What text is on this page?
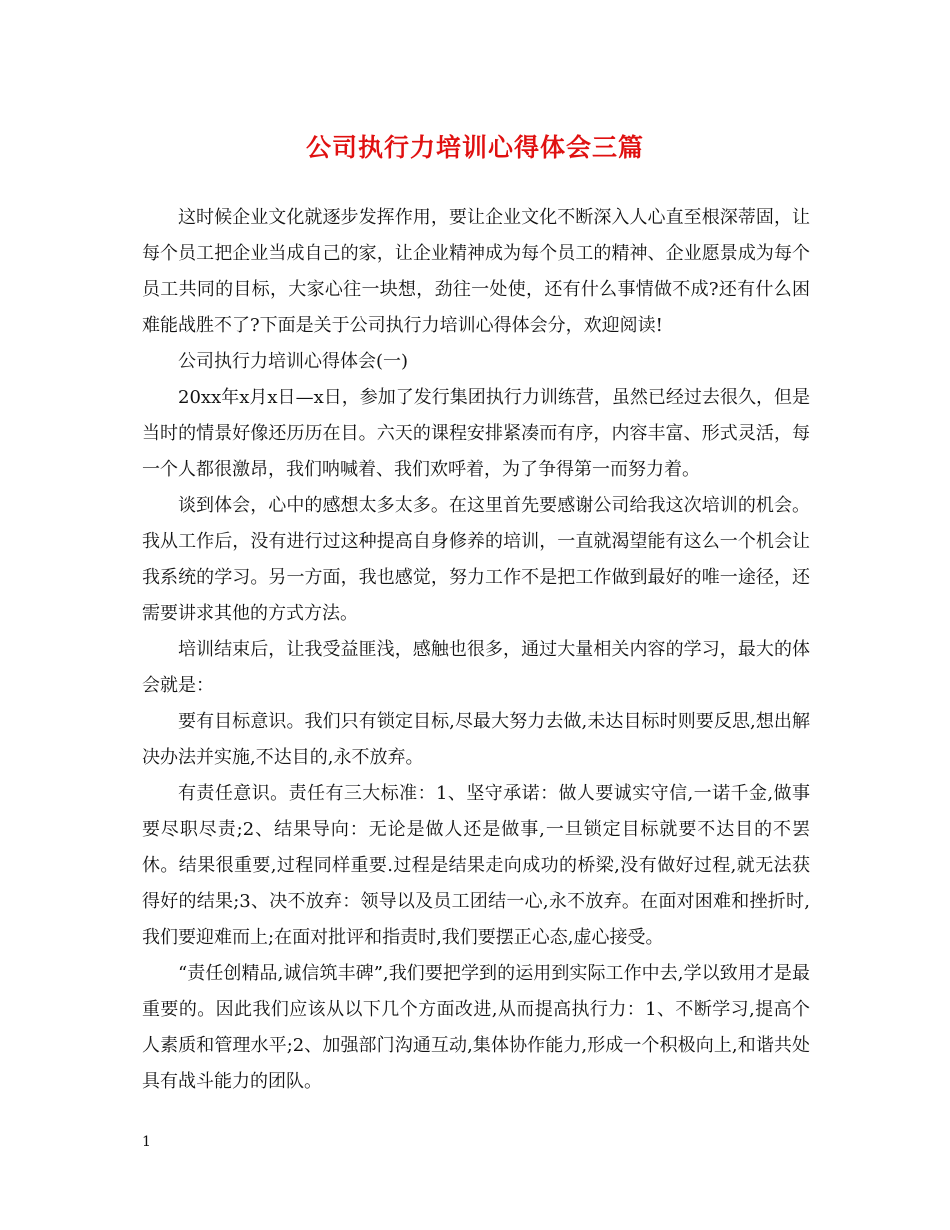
公司执行力培训心得体会三篇

这时候企业文化就逐步发挥作用，要让企业文化不断深入人心直至根深蒂固，让每个员工把企业当成自己的家，让企业精神成为每个员工的精神、企业愿景成为每个员工共同的目标，大家心往一块想，劲往一处使，还有什么事情做不成?还有什么困难能战胜不了?下面是关于公司执行力培训心得体会分，欢迎阅读!

公司执行力培训心得体会(一)

20xx年x月x日—x日，参加了发行集团执行力训练营，虽然已经过去很久，但是当时的情景好像还历历在目。六天的课程安排紧凑而有序，内容丰富、形式灵活，每一个人都很激昂，我们呐喊着、我们欢呼着，为了争得第一而努力着。

谈到体会，心中的感想太多太多。在这里首先要感谢公司给我这次培训的机会。我从工作后，没有进行过这种提高自身修养的培训，一直就渴望能有这么一个机会让我系统的学习。另一方面，我也感觉，努力工作不是把工作做到最好的唯一途径，还需要讲求其他的方式方法。

培训结束后，让我受益匪浅，感触也很多，通过大量相关内容的学习，最大的体会就是：

要有目标意识。我们只有锁定目标,尽最大努力去做,未达目标时则要反思,想出解决办法并实施,不达目的,永不放弃。

有责任意识。责任有三大标准：1、坚守承诺：做人要诚实守信,一诺千金,做事要尽职尽责;2、结果导向：无论是做人还是做事,一旦锁定目标就要不达目的不罢休。结果很重要,过程同样重要.过程是结果走向成功的桥梁,没有做好过程,就无法获得好的结果;3、决不放弃：领导以及员工团结一心,永不放弃。在面对困难和挫折时,我们要迎难而上;在面对批评和指责时,我们要摆正心态,虚心接受。

“责任创精品,诚信筑丰碑”,我们要把学到的运用到实际工作中去,学以致用才是最重要的。因此我们应该从以下几个方面改进,从而提高执行力：1、不断学习,提高个人素质和管理水平;2、加强部门沟通互动,集体协作能力,形成一个积极向上,和谐共处具有战斗能力的团队。

1
